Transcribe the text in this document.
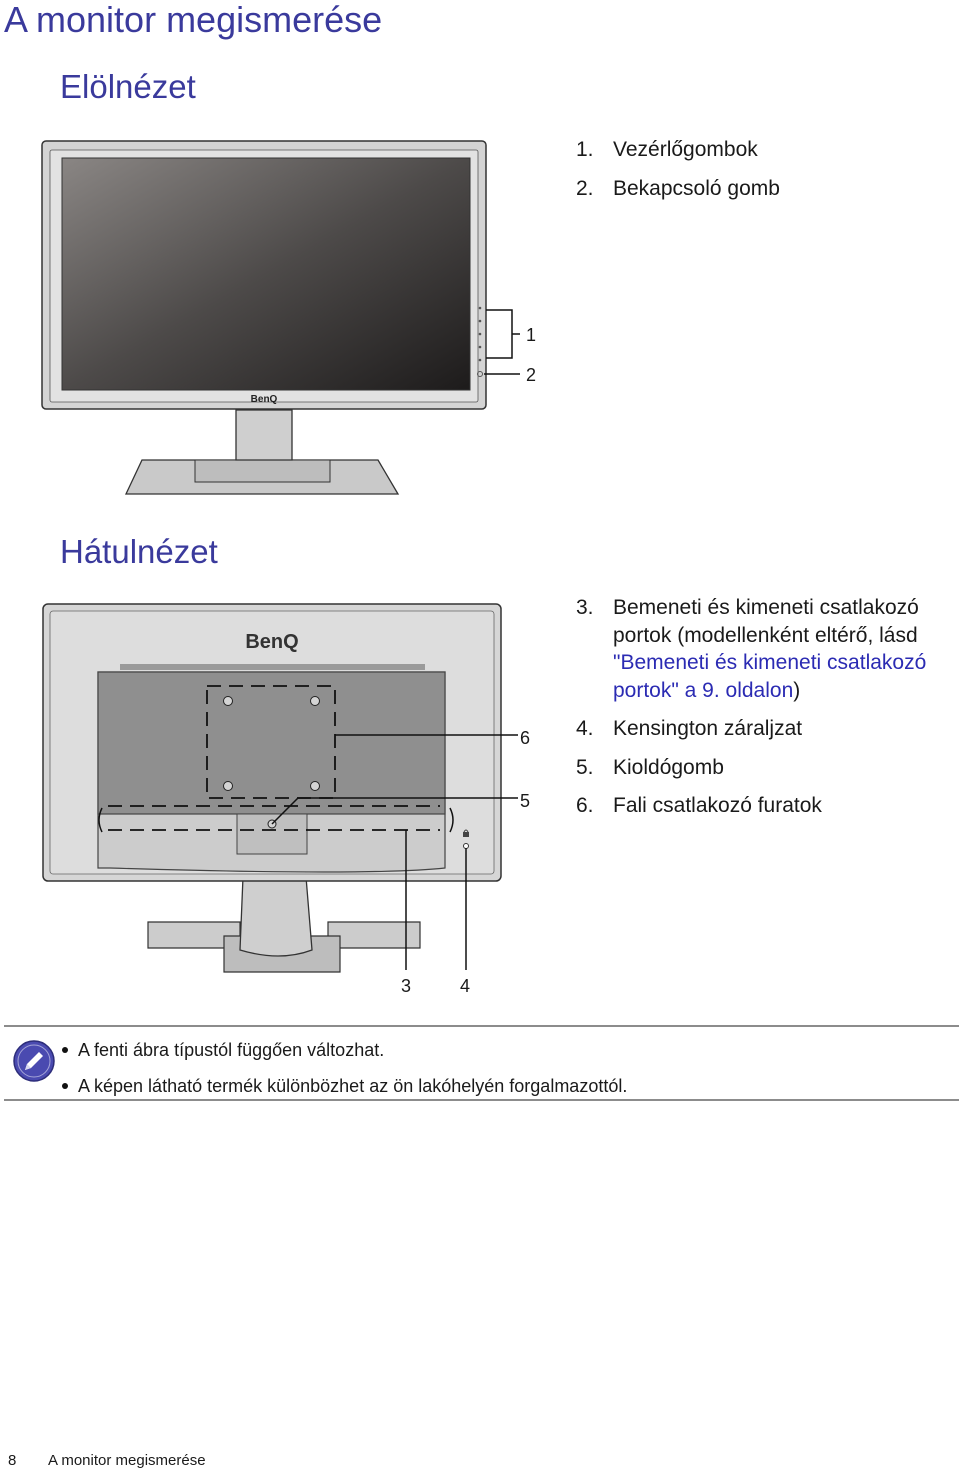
A monitor megismerése
Elölnézet
BenQ
1
2
1. Vezérlőgombok
2. Bekapcsoló gomb
Hátulnézet
BenQ
6
5
3	4
3. Bemeneti és kimeneti csatlakozó portok (modellenként eltérő, lásd "Bemeneti és kimeneti csatlakozó portok" a 9. oldalon)
4. Kensington záraljzat
5. Kioldógomb
6. Fali csatlakozó furatok
A fenti ábra típustól függően változhat.
A képen látható termék különbözhet az ön lakóhelyén forgalmazottól.
8 A monitor megismerése
